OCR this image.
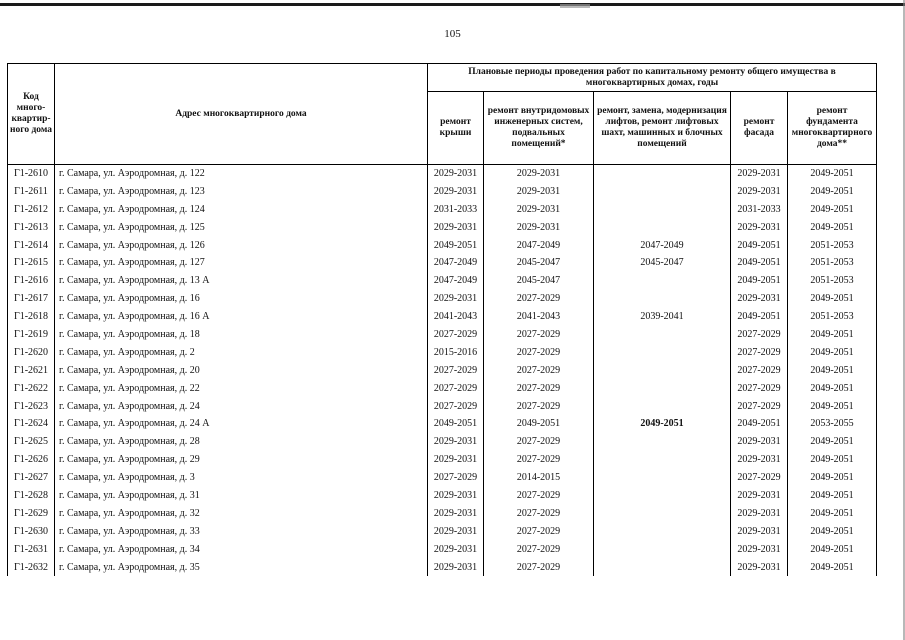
105
Код много-квартир-ного дома	Адрес многоквартирного дома	Плановые периоды проведения работ по капитальному ремонту общего имущества в многоквартирных домах, годы				
		ремонт крыши	ремонт внутридомовых инженерных систем, подвальных помещений*	ремонт, замена, модернизация лифтов, ремонт лифтовых шахт, машинных и блочных помещений	ремонт фасада	ремонт фундамента многоквартирного дома**
Г1-2610	г. Самара, ул. Аэродромная, д. 122	2029-2031	2029-2031		2029-2031	2049-2051
Г1-2611	г. Самара, ул. Аэродромная, д. 123	2029-2031	2029-2031		2029-2031	2049-2051
Г1-2612	г. Самара, ул. Аэродромная, д. 124	2031-2033	2029-2031		2031-2033	2049-2051
Г1-2613	г. Самара, ул. Аэродромная, д. 125	2029-2031	2029-2031		2029-2031	2049-2051
Г1-2614	г. Самара, ул. Аэродромная, д. 126	2049-2051	2047-2049	2047-2049	2049-2051	2051-2053
Г1-2615	г. Самара, ул. Аэродромная, д. 127	2047-2049	2045-2047	2045-2047	2049-2051	2051-2053
Г1-2616	г. Самара, ул. Аэродромная, д. 13 А	2047-2049	2045-2047		2049-2051	2051-2053
Г1-2617	г. Самара, ул. Аэродромная, д. 16	2029-2031	2027-2029		2029-2031	2049-2051
Г1-2618	г. Самара, ул. Аэродромная, д. 16 А	2041-2043	2041-2043	2039-2041	2049-2051	2051-2053
Г1-2619	г. Самара, ул. Аэродромная, д. 18	2027-2029	2027-2029		2027-2029	2049-2051
Г1-2620	г. Самара, ул. Аэродромная, д. 2	2015-2016	2027-2029		2027-2029	2049-2051
Г1-2621	г. Самара, ул. Аэродромная, д. 20	2027-2029	2027-2029		2027-2029	2049-2051
Г1-2622	г. Самара, ул. Аэродромная, д. 22	2027-2029	2027-2029		2027-2029	2049-2051
Г1-2623	г. Самара, ул. Аэродромная, д. 24	2027-2029	2027-2029		2027-2029	2049-2051
Г1-2624	г. Самара, ул. Аэродромная, д. 24 А	2049-2051	2049-2051	2049-2051	2049-2051	2053-2055
Г1-2625	г. Самара, ул. Аэродромная, д. 28	2029-2031	2027-2029		2029-2031	2049-2051
Г1-2626	г. Самара, ул. Аэродромная, д. 29	2029-2031	2027-2029		2029-2031	2049-2051
Г1-2627	г. Самара, ул. Аэродромная, д. 3	2027-2029	2014-2015		2027-2029	2049-2051
Г1-2628	г. Самара, ул. Аэродромная, д. 31	2029-2031	2027-2029		2029-2031	2049-2051
Г1-2629	г. Самара, ул. Аэродромная, д. 32	2029-2031	2027-2029		2029-2031	2049-2051
Г1-2630	г. Самара, ул. Аэродромная, д. 33	2029-2031	2027-2029		2029-2031	2049-2051
Г1-2631	г. Самара, ул. Аэродромная, д. 34	2029-2031	2027-2029		2029-2031	2049-2051
Г1-2632	г. Самара, ул. Аэродромная, д. 35	2029-2031	2027-2029		2029-2031	2049-2051
